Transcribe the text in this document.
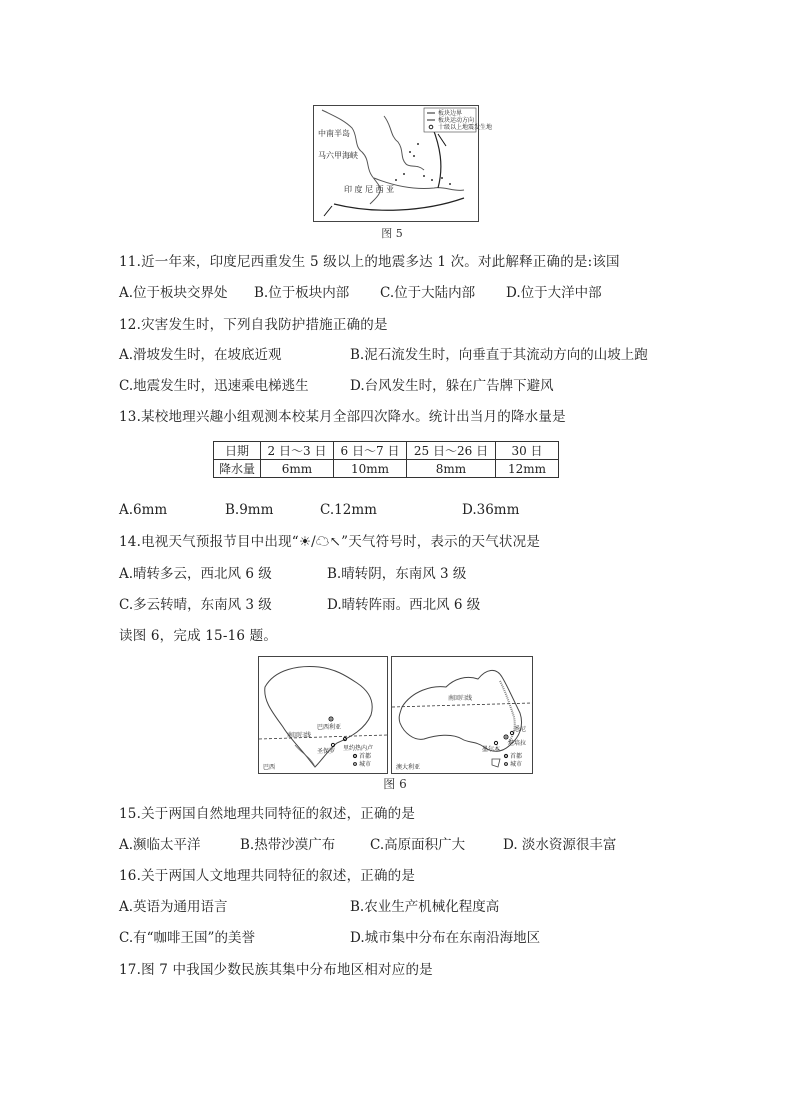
板块边界
板块运动方向
十级以上地震发生地
中南半岛
马六甲海峡
印 度 尼 西 亚
图 5
11.近一年来，印度尼西重发生 5 级以上的地震多达 1 次。对此解释正确的是:该国
A.位于板块交界处 B.位于板块内部 C.位于大陆内部 D.位于大洋中部
12.灾害发生时，下列自我防护措施正确的是
A.滑坡发生时，在坡底近观	B.泥石流发生时，向垂直于其流动方向的山坡上跑
C.地震发生时，迅速乘电梯逃生	D.台风发生时，躲在广告牌下避风
13.某校地理兴趣小组观测本校某月全部四次降水。统计出当月的降水量是
日期	2 日～3 日	6 日～7 日	25 日～26 日	30 日
降水量	6mm	10mm	8mm	12mm
A.6mm	B.9mm	C.12mm	D.36mm
14.电视天气预报节目中出现“☀/☁↖”天气符号时，表示的天气状况是
A.晴转多云，西北风 6 级	B.晴转阴，东南风 3 级
C.多云转晴，东南风 3 级	D.晴转阵雨。西北风 6 级
读图 6，完成 15-16 题。
巴西利亚
里约热内卢
圣保罗
南回归线
首都
城市
巴西
南回归线
悉尼
堪培拉
墨尔本
首都
城市
澳大利亚
图 6
15.关于两国自然地理共同特征的叙述，正确的是
A.濒临太平洋	B.热带沙漠广布	C.高原面积广大	D. 淡水资源很丰富
16.关于两国人文地理共同特征的叙述，正确的是
A.英语为通用语言	B.农业生产机械化程度高
C.有“咖啡王国”的美誉	D.城市集中分布在东南沿海地区
17.图 7 中我国少数民族其集中分布地区相对应的是
